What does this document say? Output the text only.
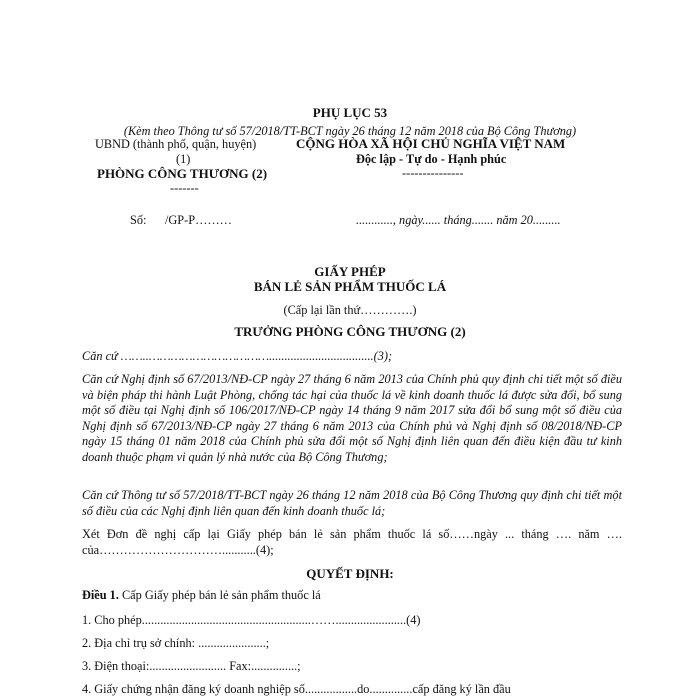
PHỤ LỤC 53
(Kèm theo Thông tư số 57/2018/TT-BCT ngày 26 tháng 12 năm 2018 của Bộ Công Thương)
UBND (thành phố, quận, huyện)
(1)
PHÒNG CÔNG THƯƠNG (2)
-------
CỘNG HÒA XÃ HỘI CHỦ NGHĨA VIỆT NAM
Độc lập - Tự do - Hạnh phúc
---------------
Số: /GP-P………	............, ngày...... tháng....... năm 20.........
GIẤY PHÉP
BÁN LẺ SẢN PHẨM THUỐC LÁ
(Cấp lại lần thứ………….)
TRƯỞNG PHÒNG CÔNG THƯƠNG (2)
Căn cứ ……..……………………………..................................(3);
Căn cứ Nghị định số 67/2013/NĐ-CP ngày 27 tháng 6 năm 2013 của Chính phủ quy định chi tiết một số điều và biện pháp thi hành Luật Phòng, chống tác hại của thuốc lá về kinh doanh thuốc lá được sửa đổi, bổ sung một số điều tại Nghị định số 106/2017/NĐ-CP ngày 14 tháng 9 năm 2017 sửa đổi bổ sung một số điều của Nghị định số 67/2013/NĐ-CP ngày 27 tháng 6 năm 2013 của Chính phủ và Nghị định số 08/2018/NĐ-CP ngày 15 tháng 01 năm 2018 của Chính phủ sửa đổi một số Nghị định liên quan đến điều kiện đầu tư kinh doanh thuộc phạm vi quản lý nhà nước của Bộ Công Thương;
Căn cứ Thông tư số 57/2018/TT-BCT ngày 26 tháng 12 năm 2018 của Bộ Công Thương quy định chi tiết một số điều của các Nghị định liên quan đến kinh doanh thuốc lá;
Xét Đơn đề nghị cấp lại Giấy phép bán lẻ sản phẩm thuốc lá số……ngày ... tháng …. năm …. của…………………………...........(4);
QUYẾT ĐỊNH:
Điều 1. Cấp Giấy phép bán lẻ sản phẩm thuốc lá
1. Cho phép.......................................................…….......................(4)
2. Địa chỉ trụ sở chính: ......................;
3. Điện thoại:......................... Fax:...............;
4. Giấy chứng nhận đăng ký doanh nghiệp số.................do..............cấp đăng ký lần đầu
